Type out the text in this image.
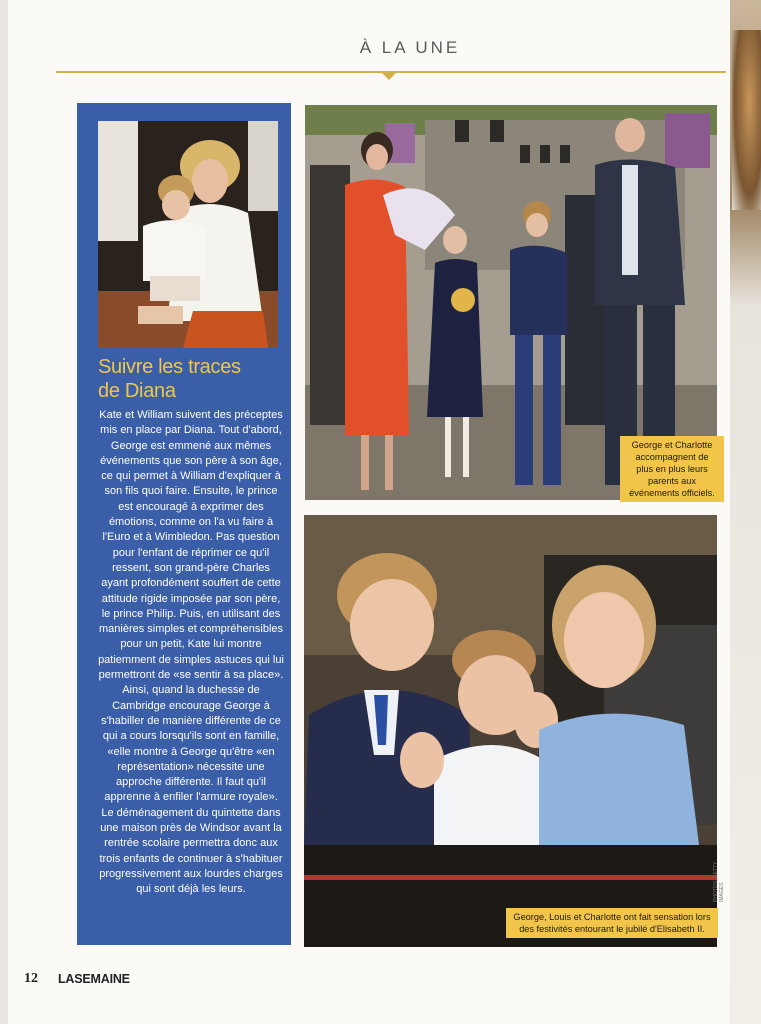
À LA UNE
Suivre les traces
de Diana
Kate et William suivent des préceptes mis en place par Diana. Tout d'abord, George est emmené aux mêmes événements que son père à son âge, ce qui permet à William d'expliquer à son fils quoi faire. Ensuite, le prince est encouragé à exprimer des émotions, comme on l'a vu faire à l'Euro et à Wimbledon. Pas question pour l'enfant de réprimer ce qu'il ressent, son grand-père Charles ayant profondément souffert de cette attitude rigide imposée par son père, le prince Philip. Puis, en utilisant des manières simples et compréhensibles pour un petit, Kate lui montre patiemment de simples astuces qui lui permettront de «se sentir à sa place». Ainsi, quand la duchesse de Cambridge encourage George à s'habiller de manière différente de ce qui a cours lorsqu'ils sont en famille, «elle montre à George qu'être «en représentation» nécessite une approche différente. Il faut qu'il apprenne à enfiler l'armure royale». Le déménagement du quintette dans une maison près de Windsor avant la rentrée scolaire permettra donc aux trois enfants de continuer à s'habituer progressivement aux lourdes charges qui sont déjà les leurs.
George et Charlotte accompagnent de plus en plus leurs parents aux événements officiels.
George, Louis et Charlotte ont fait sensation lors des festivités entourant le jubilé d'Elisabeth II.
PHOTOS: GETTY IMAGES
12 LASEMAINE
